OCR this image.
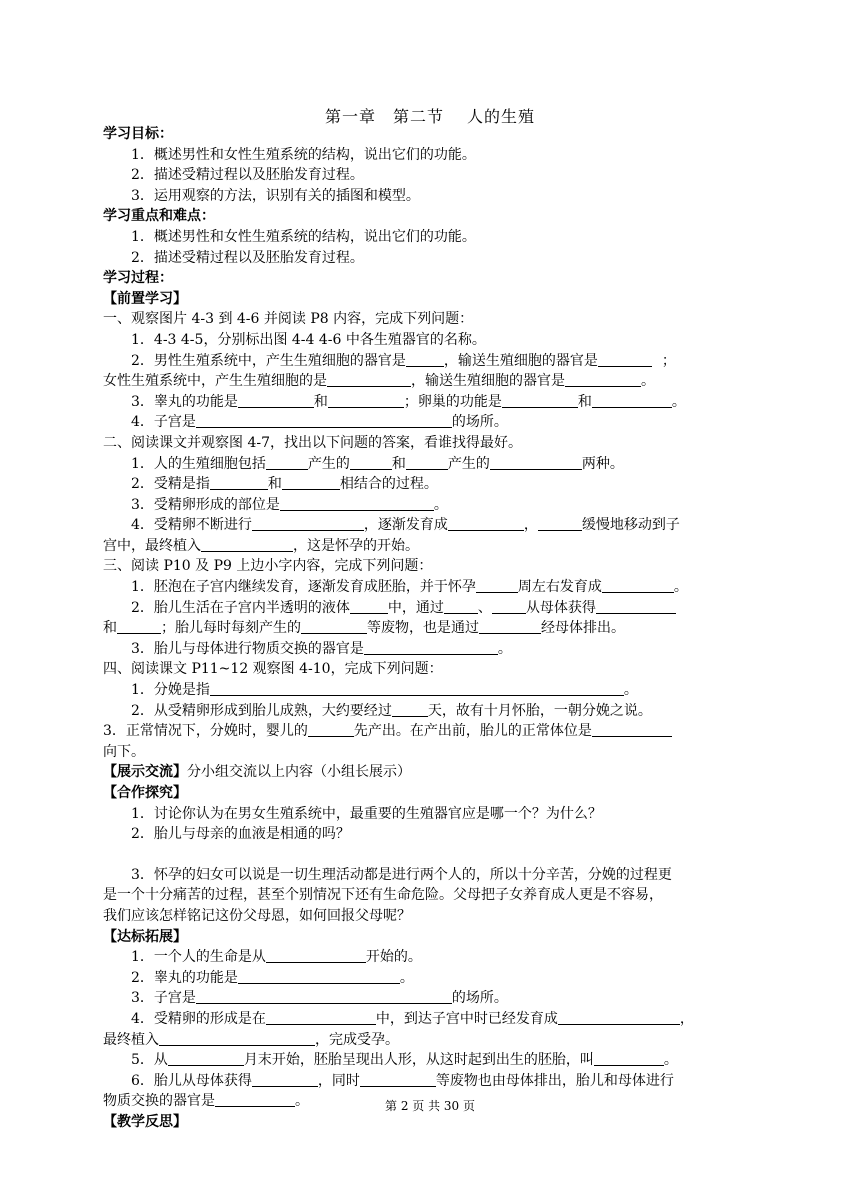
第一章　第二节　 人的生殖
学习目标：
1．概述男性和女性生殖系统的结构，说出它们的功能。
2．描述受精过程以及胚胎发育过程。
3．运用观察的方法，识别有关的插图和模型。
学习重点和难点：
1．概述男性和女性生殖系统的结构，说出它们的功能。
2．描述受精过程以及胚胎发育过程。
学习过程：
【前置学习】
一、观察图片 4-3 到 4-6 并阅读 P8 内容，完成下列问题：
1．4-3 4-5，分别标出图 4-4 4-6 中各生殖器官的名称。
2．男性生殖系统中，产生生殖细胞的器官是	，输送生殖细胞的器官是	；
女性生殖系统中，产生生殖细胞的是	，输送生殖细胞的器官是	。
3．睾丸的功能是	和	；卵巢的功能是	和	。
4．子宫是	的场所。
二、阅读课文并观察图 4-7，找出以下问题的答案，看谁找得最好。
1．人的生殖细胞包括	产生的	和	产生的	两种。
2．受精是指	和	相结合的过程。
3．受精卵形成的部位是	。
4．受精卵不断进行	，逐渐发育成	，	缓慢地移动到子
宫中，最终植入	，这是怀孕的开始。
三、阅读 P10 及 P9 上边小字内容，完成下列问题：
1．胚泡在子宫内继续发育，逐渐发育成胚胎，并于怀孕	周左右发育成	。
2．胎儿生活在子宫内半透明的液体	中，通过 、 从母体获得
和	；胎儿每时每刻产生的	等废物，也是通过	经母体排出。
3．胎儿与母体进行物质交换的器官是	。
四、阅读课文 P11~12 观察图 4-10，完成下列问题：
1．分娩是指	。
2．从受精卵形成到胎儿成熟，大约要经过	天，故有十月怀胎，一朝分娩之说。
3．正常情况下，分娩时，婴儿的	先产出。在产出前，胎儿的正常体位是
向下。
【展示交流】分小组交流以上内容（小组长展示）
【合作探究】
1．讨论你认为在男女生殖系统中，最重要的生殖器官应是哪一个？为什么？
2．胎儿与母亲的血液是相通的吗？
3．怀孕的妇女可以说是一切生理活动都是进行两个人的，所以十分辛苦，分娩的过程更
是一个十分痛苦的过程，甚至个别情况下还有生命危险。父母把子女养育成人更是不容易，
我们应该怎样铭记这份父母恩，如何回报父母呢？
【达标拓展】
1．一个人的生命是从	开始的。
2．睾丸的功能是	。
3．子宫是	的场所。
4．受精卵的形成是在	中，到达子宫中时已经发育成	，
最终植入	，完成受孕。
5．从	月末开始，胚胎呈现出人形，从这时起到出生的胚胎，叫	。
6．胎儿从母体获得	，同时	等废物也由母体排出，胎儿和母体进行
物质交换的器官是	。
【教学反思】
第 2 页 共 30 页
